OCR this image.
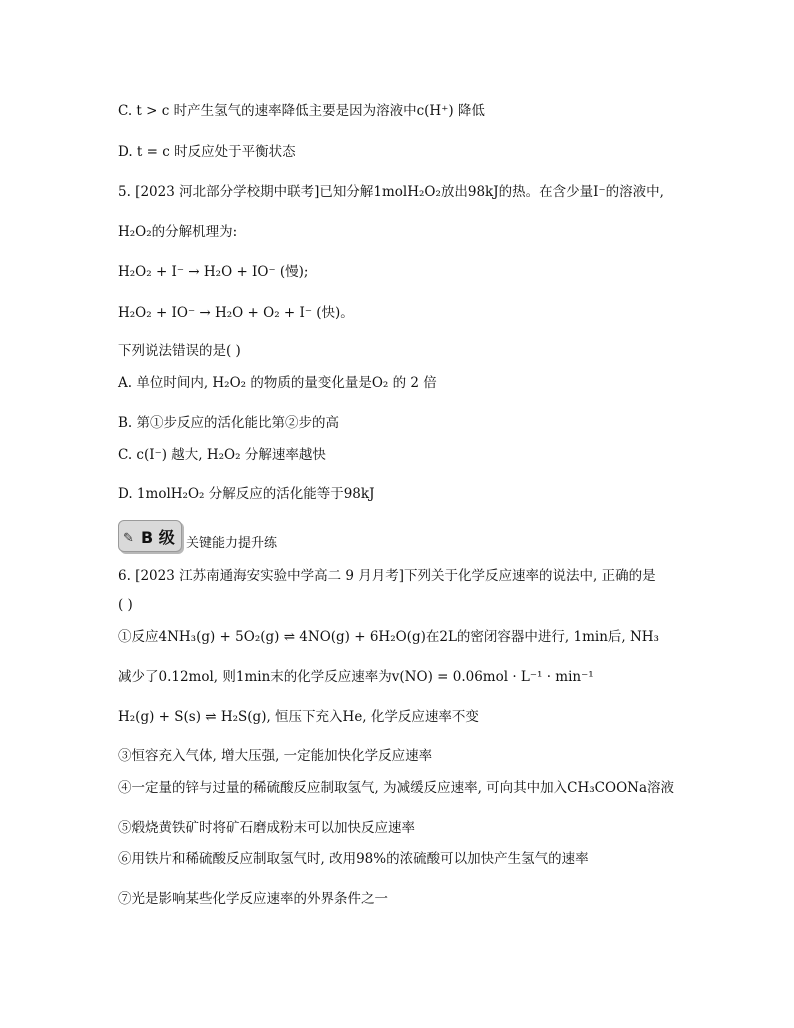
C. t > c 时产生氢气的速率降低主要是因为溶液中c(H⁺) 降低
D. t = c 时反应处于平衡状态
5. [2023 河北部分学校期中联考]已知分解1molH₂O₂放出98kJ的热。在含少量I⁻的溶液中,
H₂O₂的分解机理为:
H₂O₂ + I⁻ → H₂O + IO⁻ (慢);
H₂O₂ + IO⁻ → H₂O + O₂ + I⁻ (快)。
下列说法错误的是( )
A. 单位时间内, H₂O₂ 的物质的量变化量是O₂ 的 2 倍
B. 第①步反应的活化能比第②步的高
C. c(I⁻) 越大, H₂O₂ 分解速率越快
D. 1molH₂O₂ 分解反应的活化能等于98kJ
✎ B 级 关键能力提升练
6. [2023 江苏南通海安实验中学高二 9 月月考]下列关于化学反应速率的说法中, 正确的是
( )
①反应4NH₃(g) + 5O₂(g) ⇌ 4NO(g) + 6H₂O(g)在2L的密闭容器中进行, 1min后, NH₃
减少了0.12mol, 则1min末的化学反应速率为v(NO) = 0.06mol · L⁻¹ · min⁻¹
H₂(g) + S(s) ⇌ H₂S(g), 恒压下充入He, 化学反应速率不变
③恒容充入气体, 增大压强, 一定能加快化学反应速率
④一定量的锌与过量的稀硫酸反应制取氢气, 为减缓反应速率, 可向其中加入CH₃COONa溶液
⑤煅烧黄铁矿时将矿石磨成粉末可以加快反应速率
⑥用铁片和稀硫酸反应制取氢气时, 改用98%的浓硫酸可以加快产生氢气的速率
⑦光是影响某些化学反应速率的外界条件之一
